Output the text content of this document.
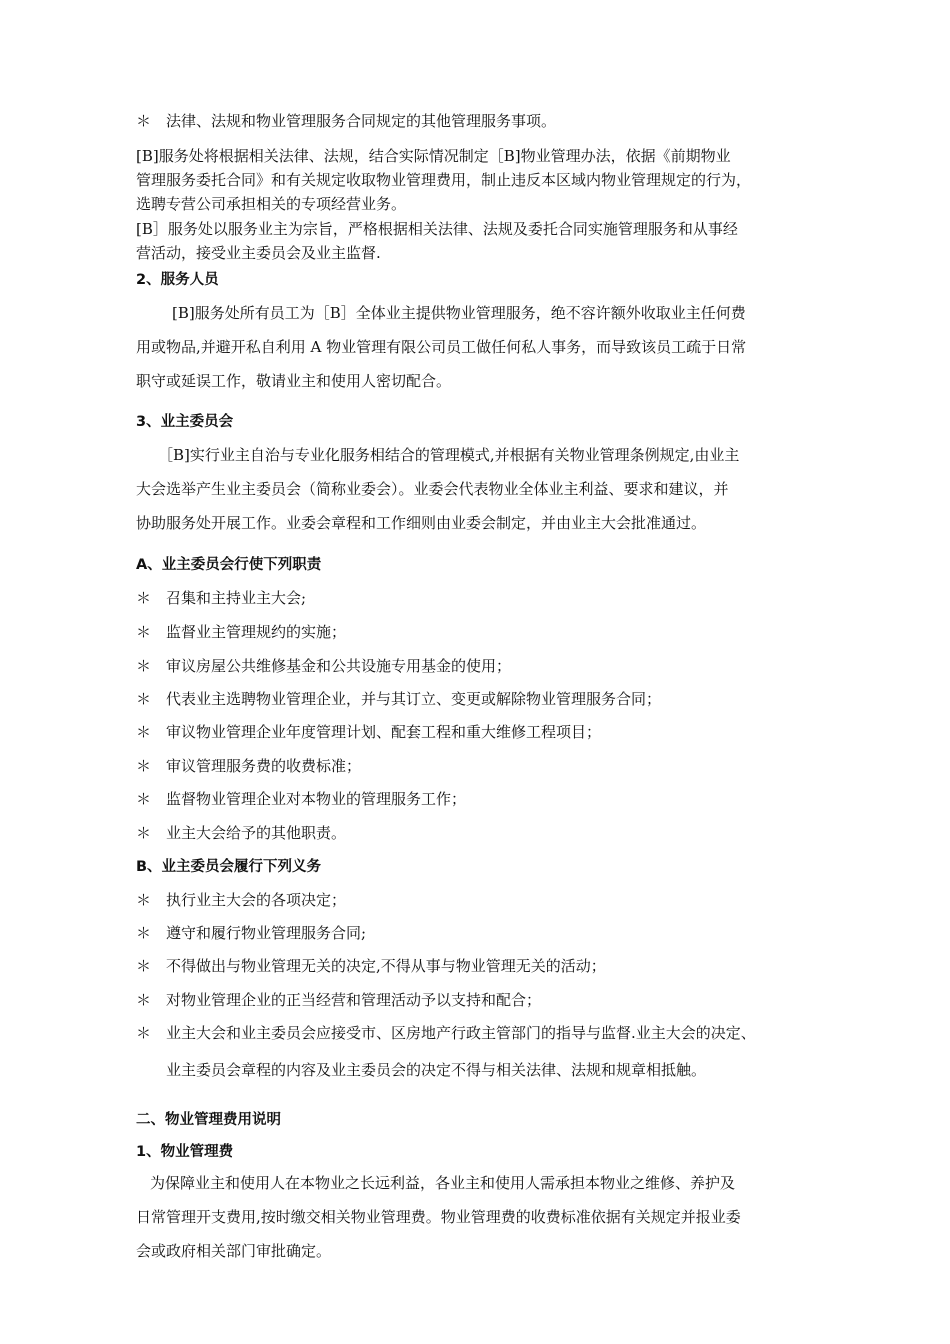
＊ 法律、法规和物业管理服务合同规定的其他管理服务事项。
[B]服务处将根据相关法律、法规，结合实际情况制定［B]物业管理办法，依据《前期物业
管理服务委托合同》和有关规定收取物业管理费用，制止违反本区域内物业管理规定的行为，
选聘专营公司承担相关的专项经营业务。
[B］服务处以服务业主为宗旨，严格根据相关法律、法规及委托合同实施管理服务和从事经
营活动，接受业主委员会及业主监督.
2、服务人员
[B]服务处所有员工为［B］全体业主提供物业管理服务，绝不容许额外收取业主任何费
用或物品,并避开私自利用 A 物业管理有限公司员工做任何私人事务，而导致该员工疏于日常
职守或延误工作，敬请业主和使用人密切配合。
3、业主委员会
［B]实行业主自治与专业化服务相结合的管理模式,并根据有关物业管理条例规定,由业主
大会选举产生业主委员会（简称业委会）。业委会代表物业全体业主利益、要求和建议，并
协助服务处开展工作。业委会章程和工作细则由业委会制定，并由业主大会批准通过。
A、业主委员会行使下列职责
＊ 召集和主持业主大会;
＊ 监督业主管理规约的实施；
＊ 审议房屋公共维修基金和公共设施专用基金的使用；
＊ 代表业主选聘物业管理企业，并与其订立、变更或解除物业管理服务合同；
＊ 审议物业管理企业年度管理计划、配套工程和重大维修工程项目；
＊ 审议管理服务费的收费标准；
＊ 监督物业管理企业对本物业的管理服务工作；
＊ 业主大会给予的其他职责。
B、业主委员会履行下列义务
＊ 执行业主大会的各项决定；
＊ 遵守和履行物业管理服务合同;
＊ 不得做出与物业管理无关的决定,不得从事与物业管理无关的活动；
＊ 对物业管理企业的正当经营和管理活动予以支持和配合；
＊ 业主大会和业主委员会应接受市、区房地产行政主管部门的指导与监督.业主大会的决定、
业主委员会章程的内容及业主委员会的决定不得与相关法律、法规和规章相抵触。
二、物业管理费用说明
1、物业管理费
为保障业主和使用人在本物业之长远利益，各业主和使用人需承担本物业之维修、养护及
日常管理开支费用,按时缴交相关物业管理费。物业管理费的收费标准依据有关规定并报业委
会或政府相关部门审批确定。
